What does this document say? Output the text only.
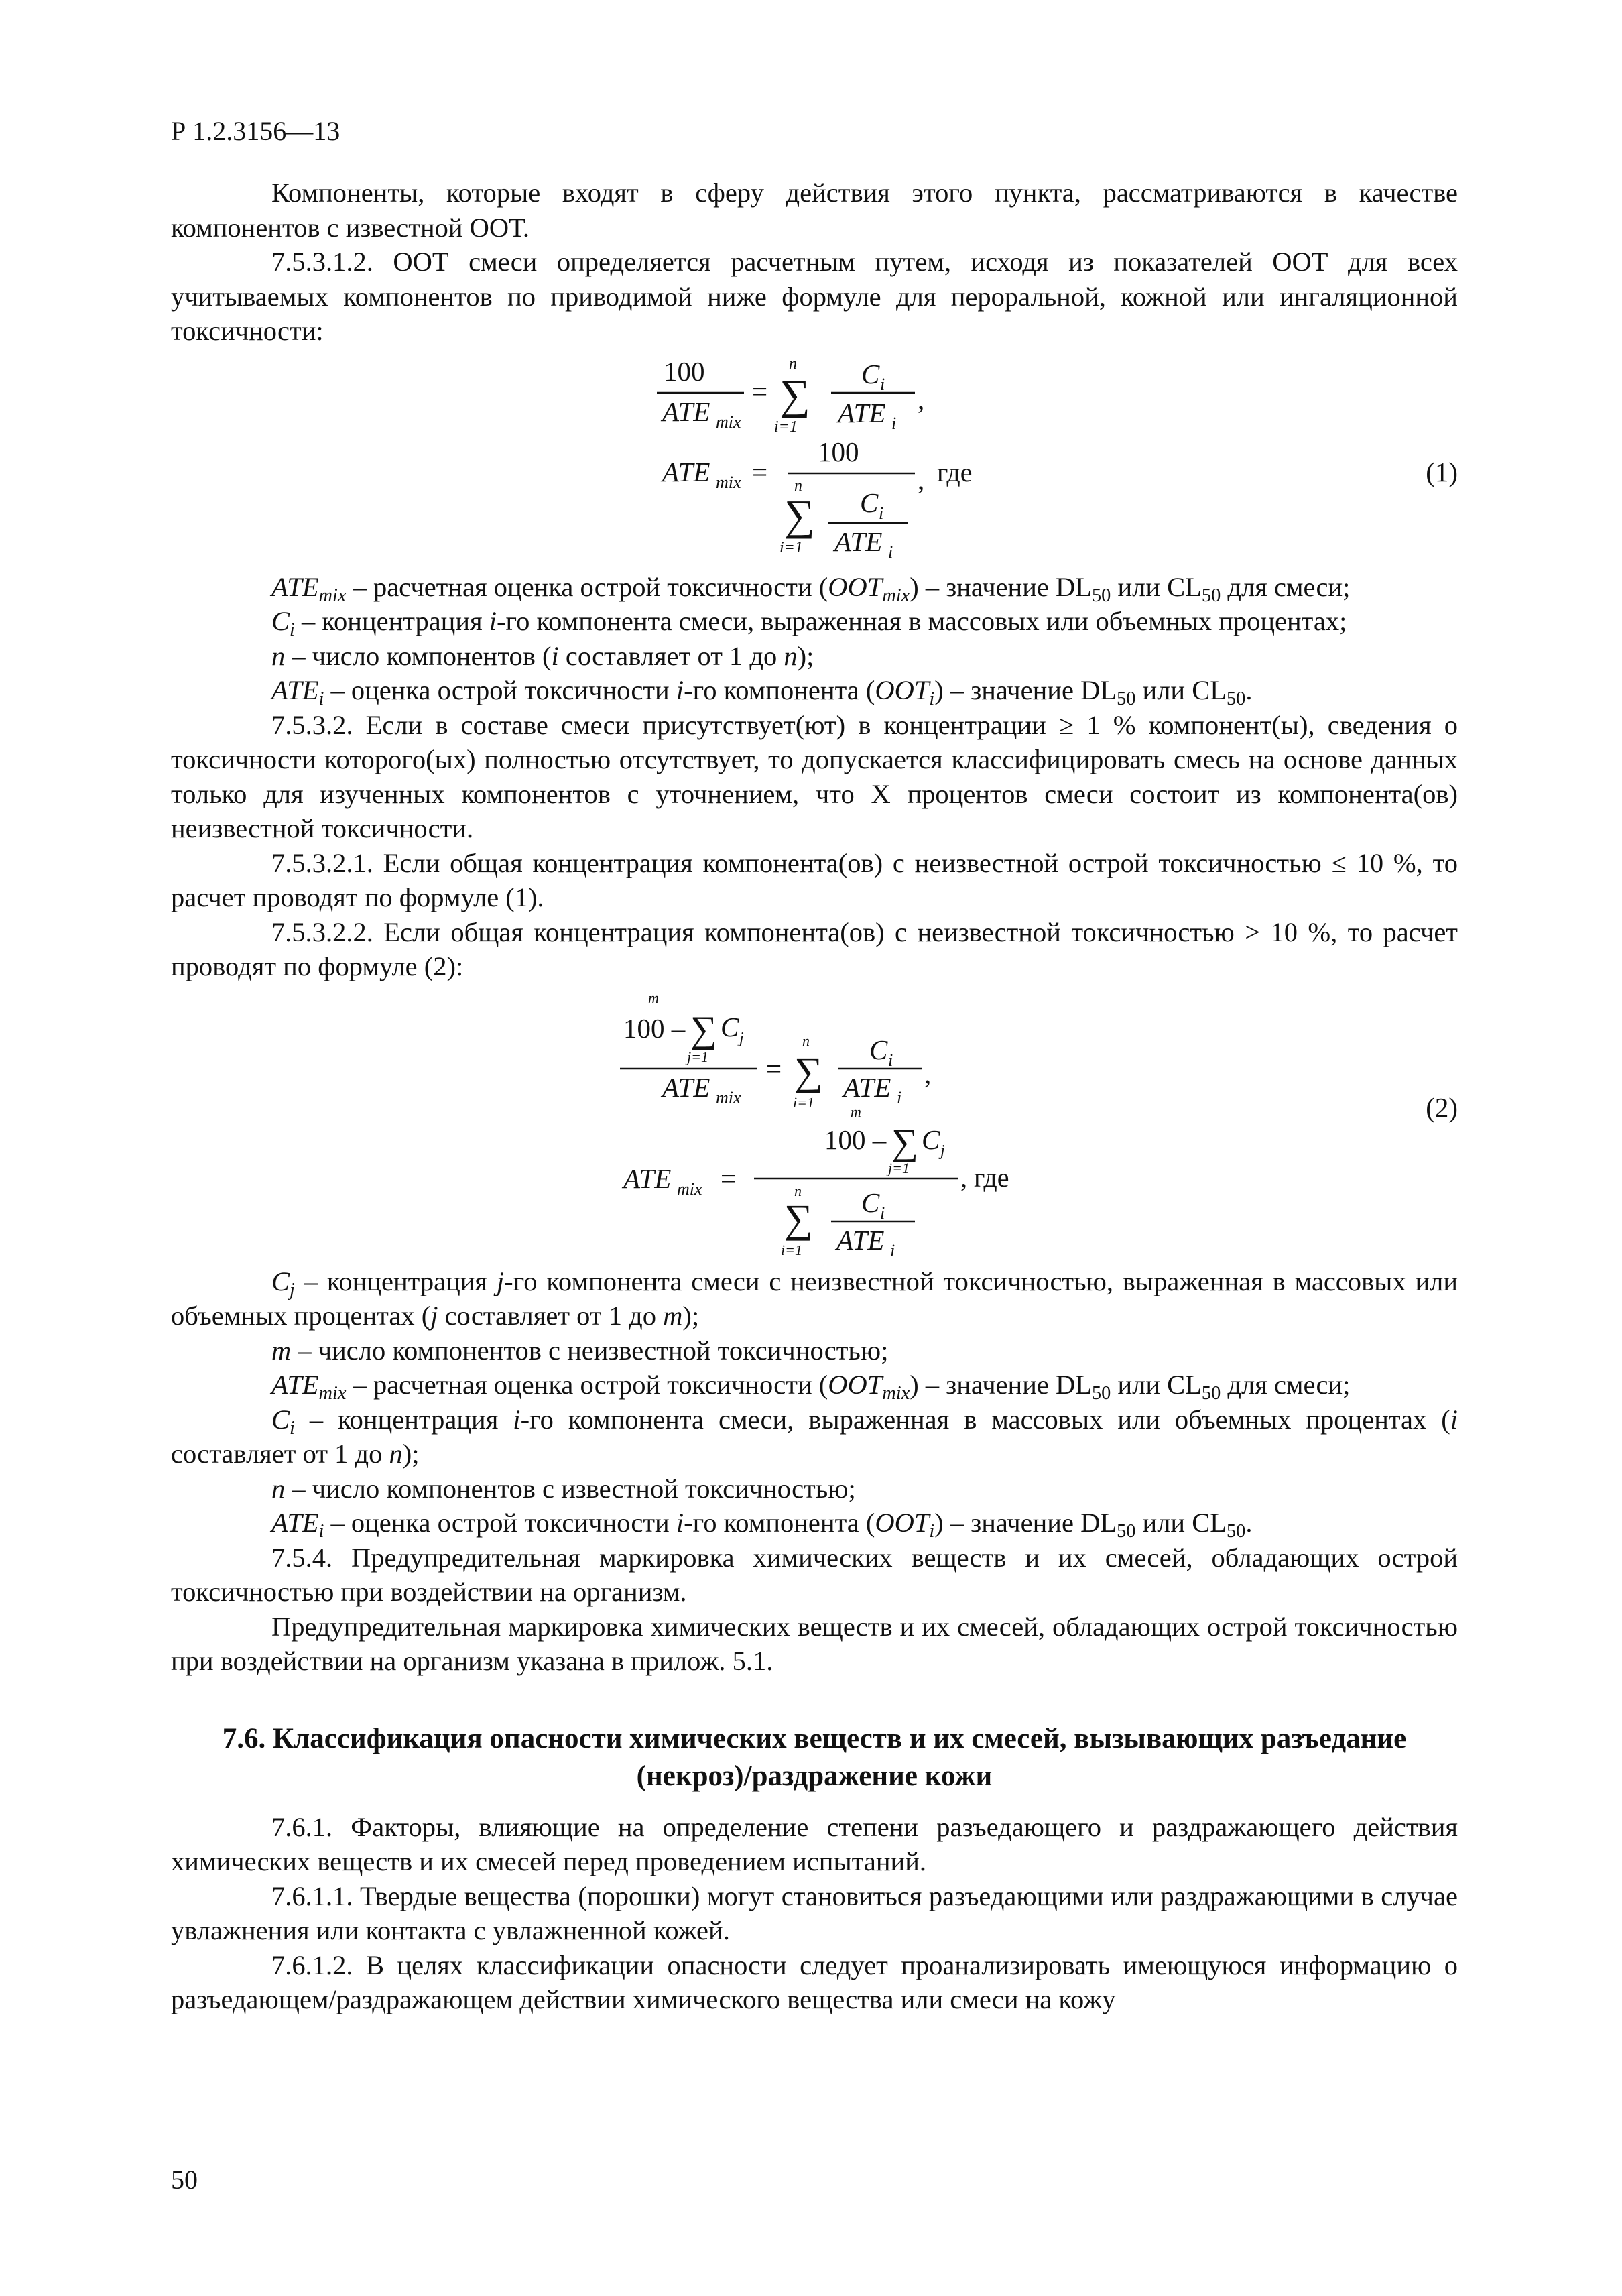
Р 1.2.3156—13

Компоненты, которые входят в сферу действия этого пункта, рассматриваются в качестве компонентов с известной ООТ.

7.5.3.1.2. ООТ смеси определяется расчетным путем, исходя из показателей ООТ для всех учитываемых компонентов по приводимой ниже формуле для пероральной, кожной или ингаляционной токсичности:

100
ATE mix
=
n
∑
i=1
C i
ATE i
,
ATE mix =
100
n
∑
i=1
C i
ATE i
, где	(1)

$ATE_{mix}$ – расчетная оценка острой токсичности $(ООТ_{mix})$ – значение $DL_{50}$ или $CL_{50}$ для смеси;

$C_i$ – концентрация i-го компонента смеси, выраженная в массовых или объемных процентах;

n – число компонентов (i составляет от 1 до n);

$ATE_i$ – оценка острой токсичности i-го компонента $(ООТ_i)$ – значение $DL_{50}$ или $CL_{50}$.

7.5.3.2. Если в составе смеси присутствует(ют) в концентрации ≥ 1 % компонент(ы), сведения о токсичности которого(ых) полностью отсутствует, то допускается классифицировать смесь на основе данных только для изученных компонентов с уточнением, что X процентов смеси состоит из компонента(ов) неизвестной токсичности.

7.5.3.2.1. Если общая концентрация компонента(ов) с неизвестной острой токсичностью ≤ 10 %, то расчет проводят по формуле (1).

7.5.3.2.2. Если общая концентрация компонента(ов) с неизвестной токсичностью > 10 %, то расчет проводят по формуле (2):

m
100 – ∑ C j
j=1
ATE mix
=
n
∑
i=1
C i
ATE i
,
m
100 – ∑ C j
j=1
ATE mix =	, где
n
∑
i=1
C i
ATE i
(2)

$C_j$ – концентрация j-го компонента смеси с неизвестной токсичностью, выраженная в массовых или объемных процентах (j составляет от 1 до m);

m – число компонентов с неизвестной токсичностью;

$ATE_{mix}$ – расчетная оценка острой токсичности $(ООТ_{mix})$ – значение $DL_{50}$ или $CL_{50}$ для смеси;

$C_i$ – концентрация i-го компонента смеси, выраженная в массовых или объемных процентах (i составляет от 1 до n);

n – число компонентов с известной токсичностью;

$ATE_i$ – оценка острой токсичности i-го компонента $(ООТ_i)$ – значение $DL_{50}$ или $CL_{50}$.

7.5.4. Предупредительная маркировка химических веществ и их смесей, обладающих острой токсичностью при воздействии на организм.

Предупредительная маркировка химических веществ и их смесей, обладающих острой токсичностью при воздействии на организм указана в прилож. 5.1.

7.6. Классификация опасности химических веществ и их смесей, вызывающих разъедание (некроз)/раздражение кожи

7.6.1. Факторы, влияющие на определение степени разъедающего и раздражающего действия химических веществ и их смесей перед проведением испытаний.

7.6.1.1. Твердые вещества (порошки) могут становиться разъедающими или раздражающими в случае увлажнения или контакта с увлажненной кожей.

7.6.1.2. В целях классификации опасности следует проанализировать имеющуюся информацию о разъедающем/раздражающем действии химического вещества или смеси на кожу

50
